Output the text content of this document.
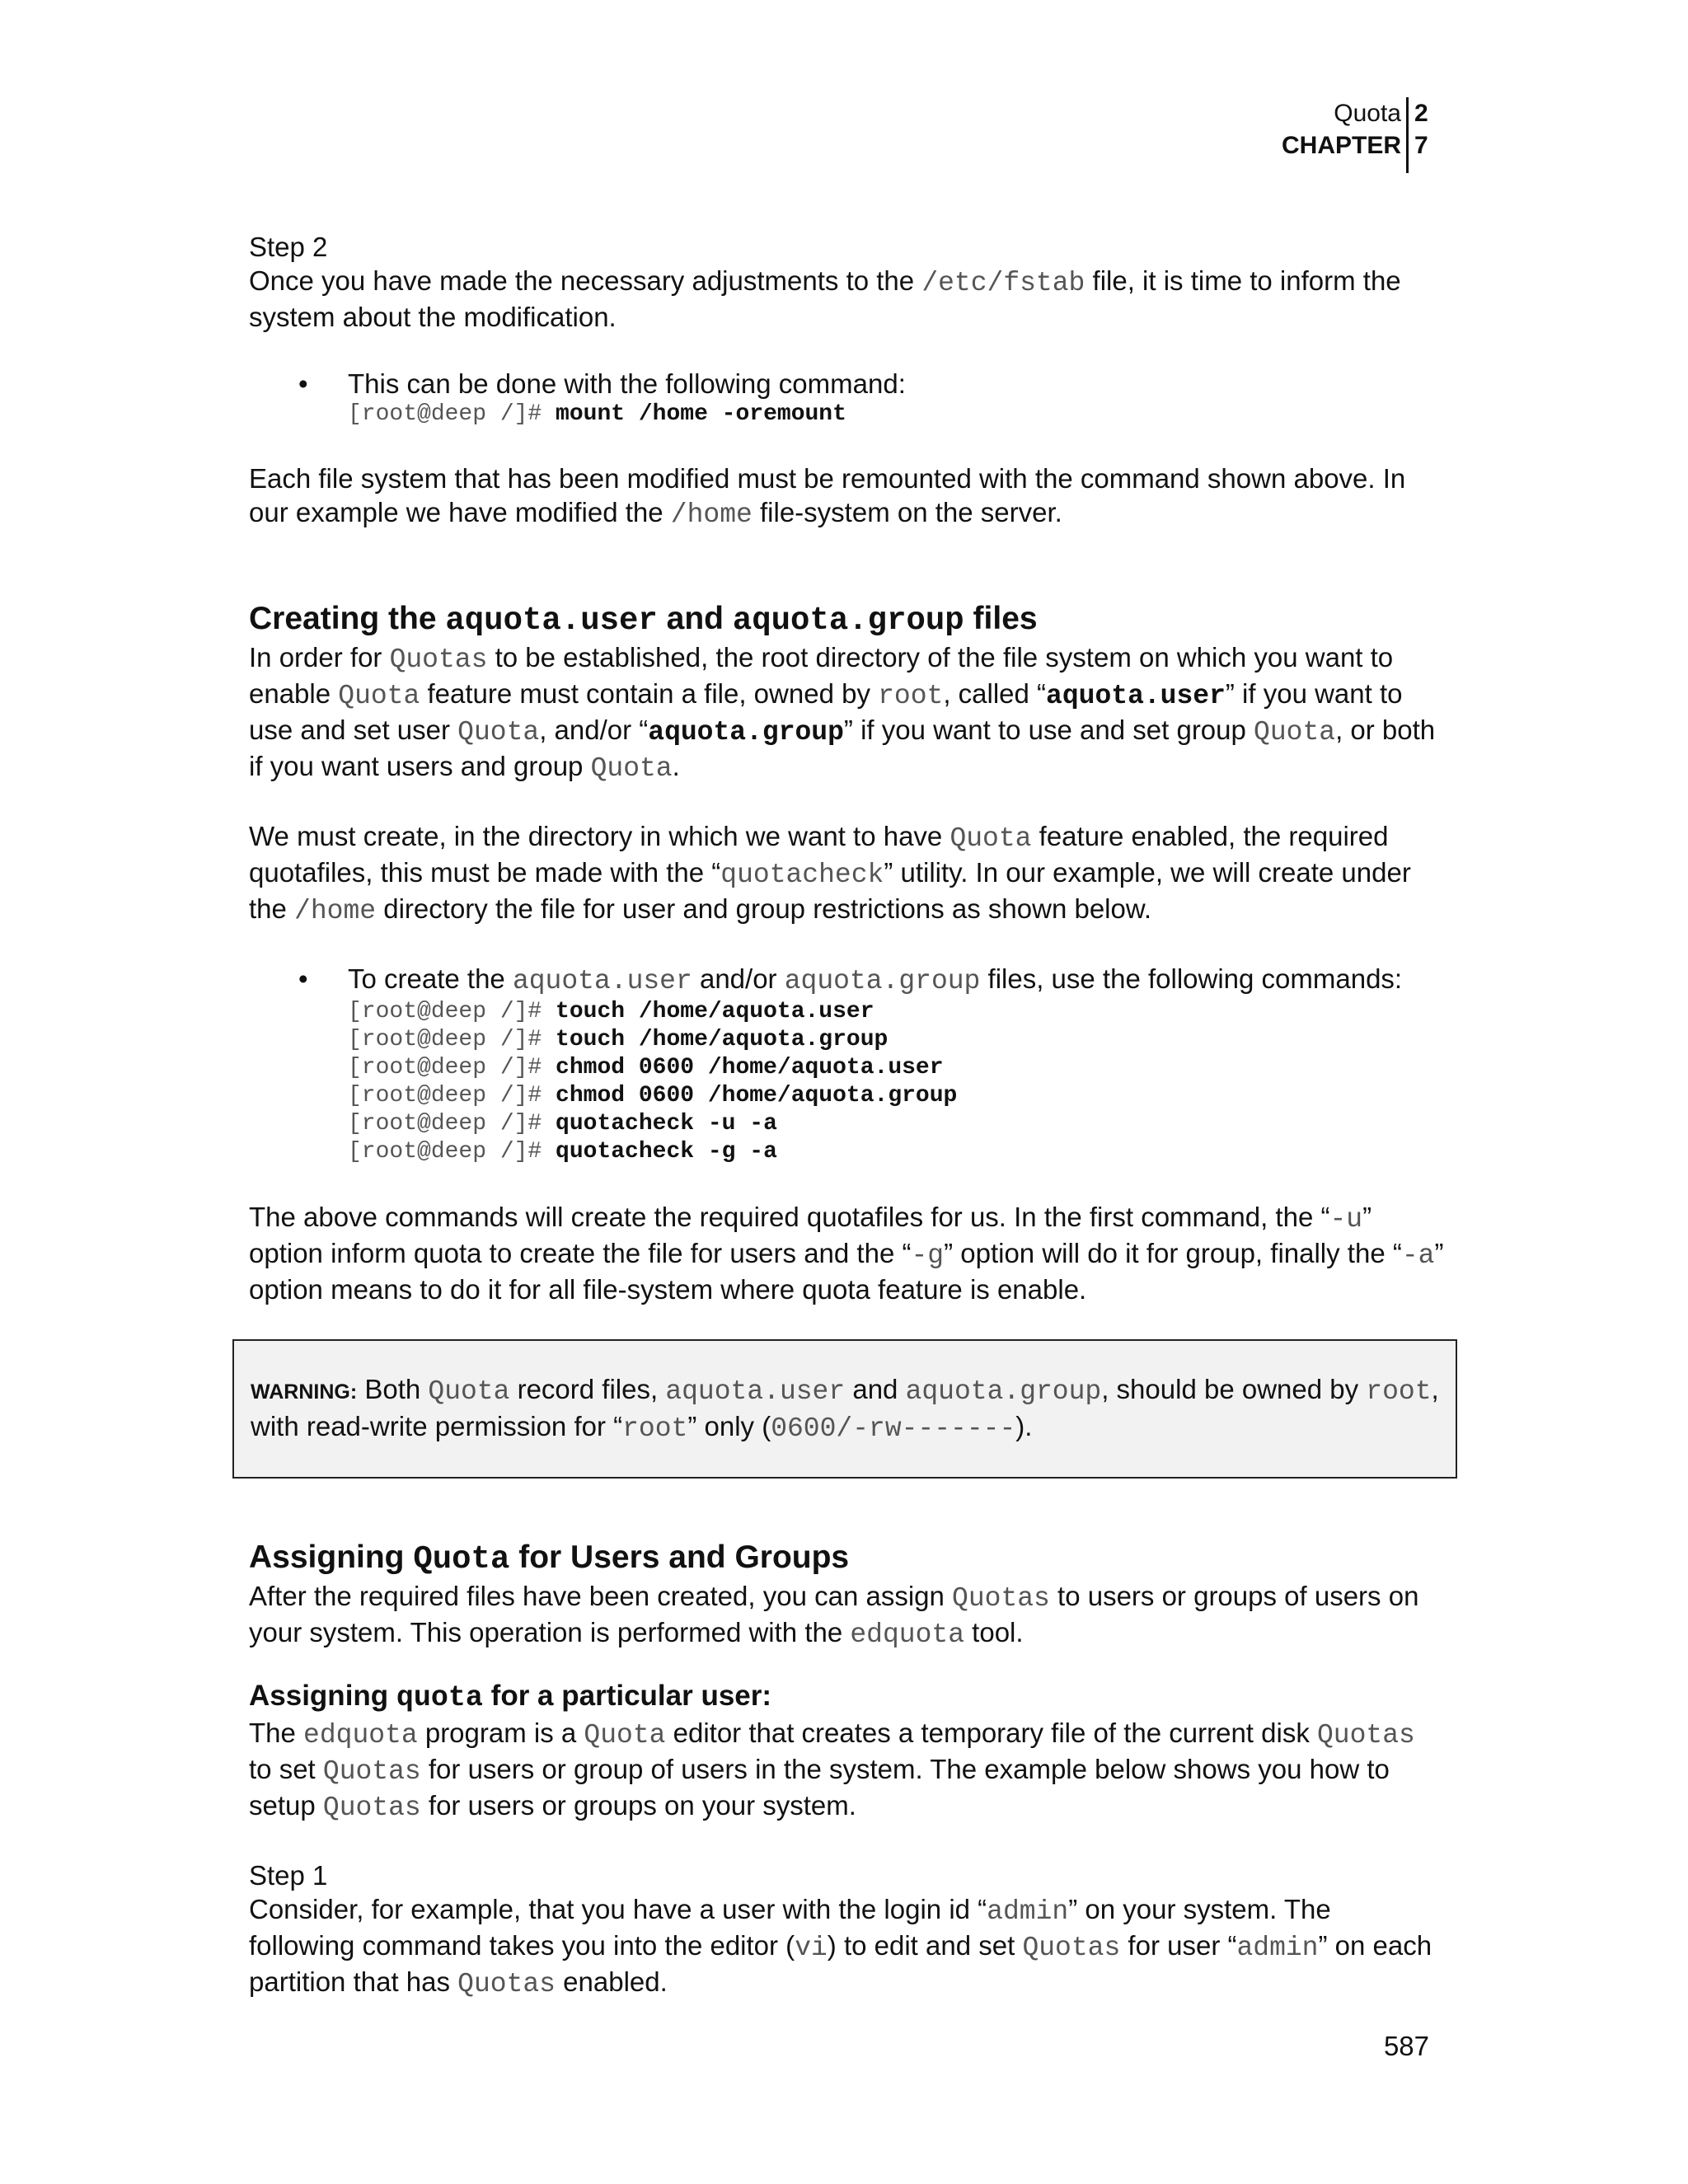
Quota 2
CHAPTER 7

Step 2

Once you have made the necessary adjustments to the /etc/fstab file, it is time to inform the system about the modification.

• This can be done with the following command:

[root@deep /]# mount /home -oremount

Each file system that has been modified must be remounted with the command shown above. In our example we have modified the /home file-system on the server.

Creating the aquota.user and aquota.group files

In order for Quotas to be established, the root directory of the file system on which you want to enable Quota feature must contain a file, owned by root, called “aquota.user” if you want to use and set user Quota, and/or “aquota.group” if you want to use and set group Quota, or both if you want users and group Quota.

We must create, in the directory in which we want to have Quota feature enabled, the required quotafiles, this must be made with the “quotacheck” utility. In our example, we will create under the /home directory the file for user and group restrictions as shown below.

• To create the aquota.user and/or aquota.group files, use the following commands:

[root@deep /]# touch /home/aquota.user
[root@deep /]# touch /home/aquota.group
[root@deep /]# chmod 0600 /home/aquota.user
[root@deep /]# chmod 0600 /home/aquota.group
[root@deep /]# quotacheck -u -a
[root@deep /]# quotacheck -g -a

The above commands will create the required quotafiles for us. In the first command, the “-u” option inform quota to create the file for users and the “-g” option will do it for group, finally the “-a” option means to do it for all file-system where quota feature is enable.

WARNING: Both Quota record files, aquota.user and aquota.group, should be owned by root, with read-write permission for “root” only (0600/-rw-------).

Assigning Quota for Users and Groups

After the required files have been created, you can assign Quotas to users or groups of users on your system. This operation is performed with the edquota tool.

Assigning quota for a particular user:

The edquota program is a Quota editor that creates a temporary file of the current disk Quotas to set Quotas for users or group of users in the system. The example below shows you how to setup Quotas for users or groups on your system.

Step 1

Consider, for example, that you have a user with the login id “admin” on your system. The following command takes you into the editor (vi) to edit and set Quotas for user “admin” on each partition that has Quotas enabled.

587
